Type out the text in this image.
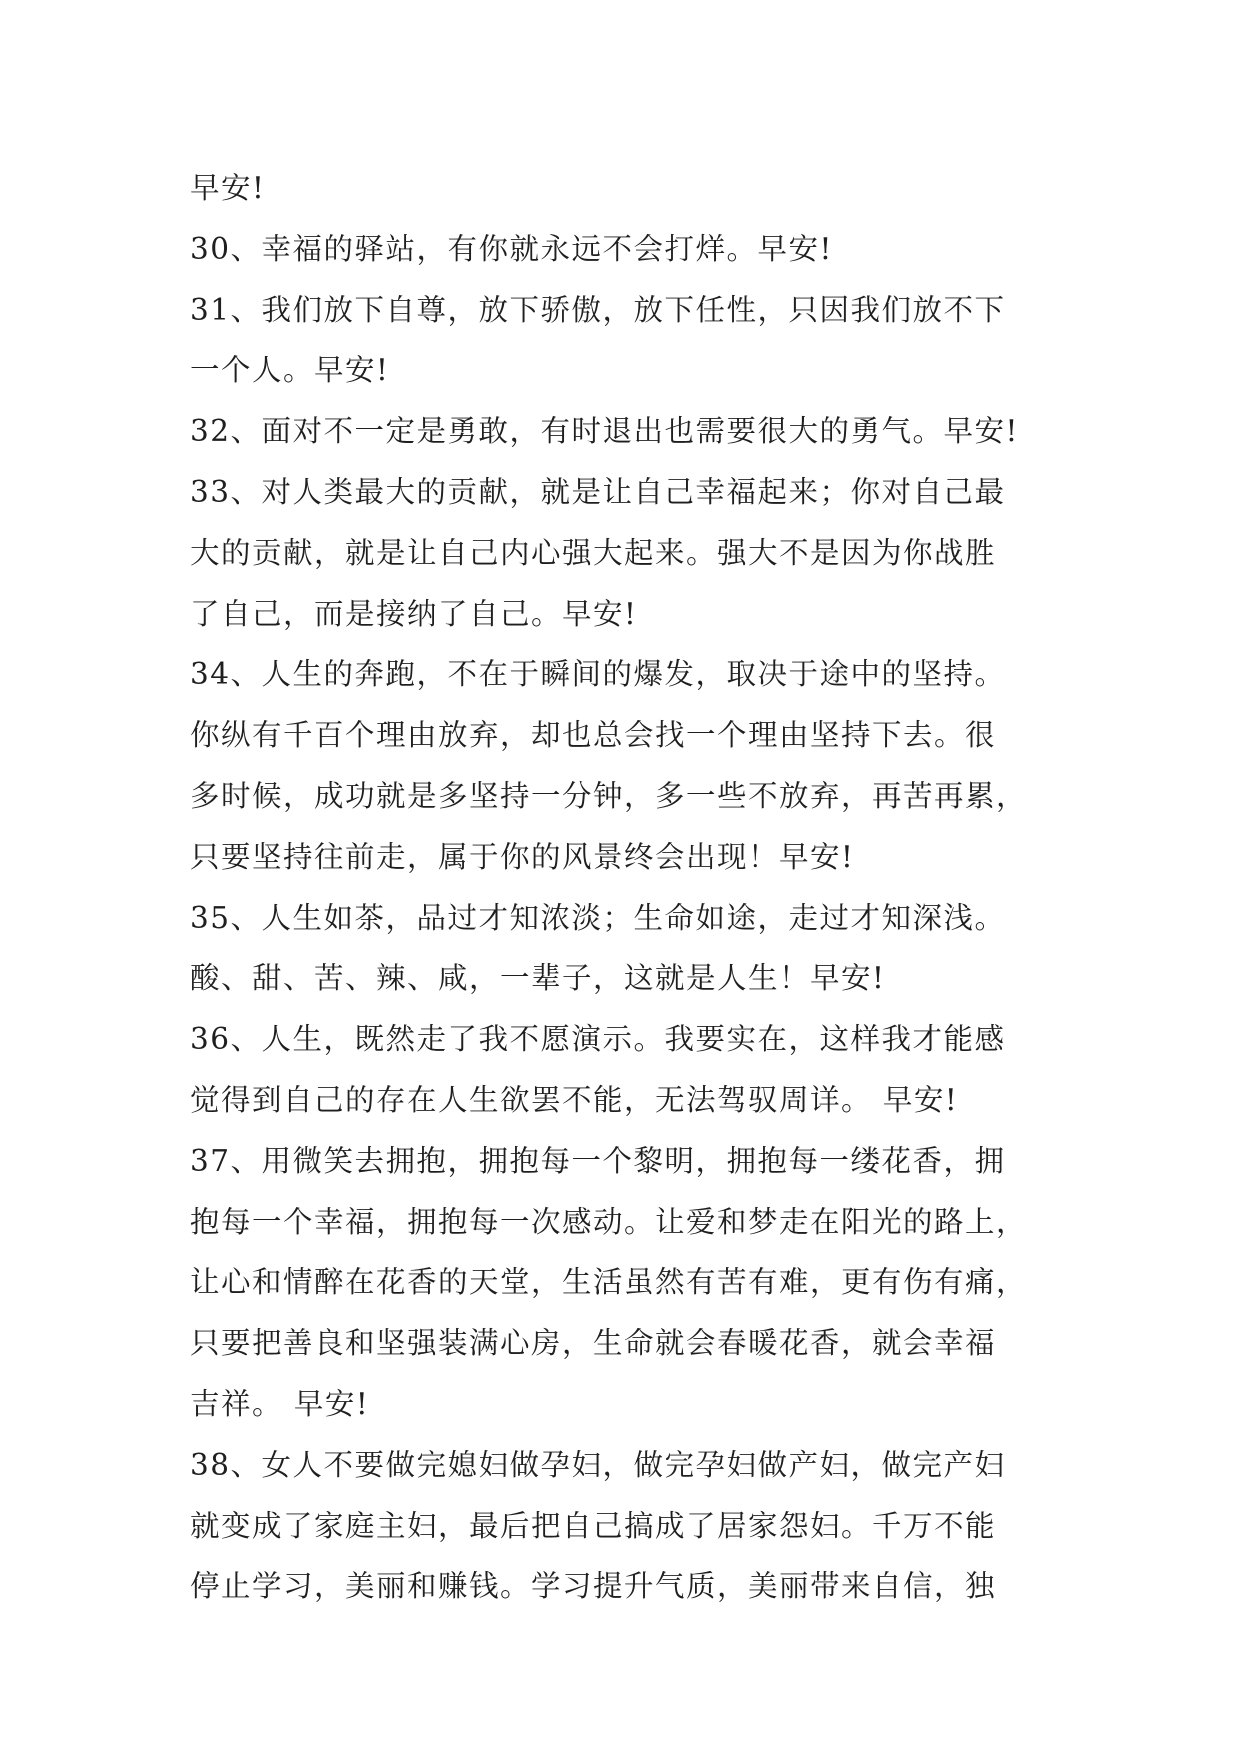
早安!
30、幸福的驿站，有你就永远不会打烊。早安!
31、我们放下自尊，放下骄傲，放下任性，只因我们放不下
一个人。早安!
32、面对不一定是勇敢，有时退出也需要很大的勇气。早安!
33、对人类最大的贡献，就是让自己幸福起来；你对自己最
大的贡献，就是让自己内心强大起来。强大不是因为你战胜
了自己，而是接纳了自己。早安!
34、人生的奔跑，不在于瞬间的爆发，取决于途中的坚持。
你纵有千百个理由放弃，却也总会找一个理由坚持下去。很
多时候，成功就是多坚持一分钟，多一些不放弃，再苦再累，
只要坚持往前走，属于你的风景终会出现！早安!
35、人生如茶，品过才知浓淡；生命如途，走过才知深浅。
酸、甜、苦、辣、咸，一辈子，这就是人生！早安!
36、人生，既然走了我不愿演示。我要实在，这样我才能感
觉得到自己的存在人生欲罢不能，无法驾驭周详。 早安!
37、用微笑去拥抱，拥抱每一个黎明，拥抱每一缕花香，拥
抱每一个幸福，拥抱每一次感动。让爱和梦走在阳光的路上，
让心和情醉在花香的天堂，生活虽然有苦有难，更有伤有痛，
只要把善良和坚强装满心房，生命就会春暖花香，就会幸福
吉祥。 早安!
38、女人不要做完媳妇做孕妇，做完孕妇做产妇，做完产妇
就变成了家庭主妇，最后把自己搞成了居家怨妇。千万不能
停止学习，美丽和赚钱。学习提升气质，美丽带来自信，独
